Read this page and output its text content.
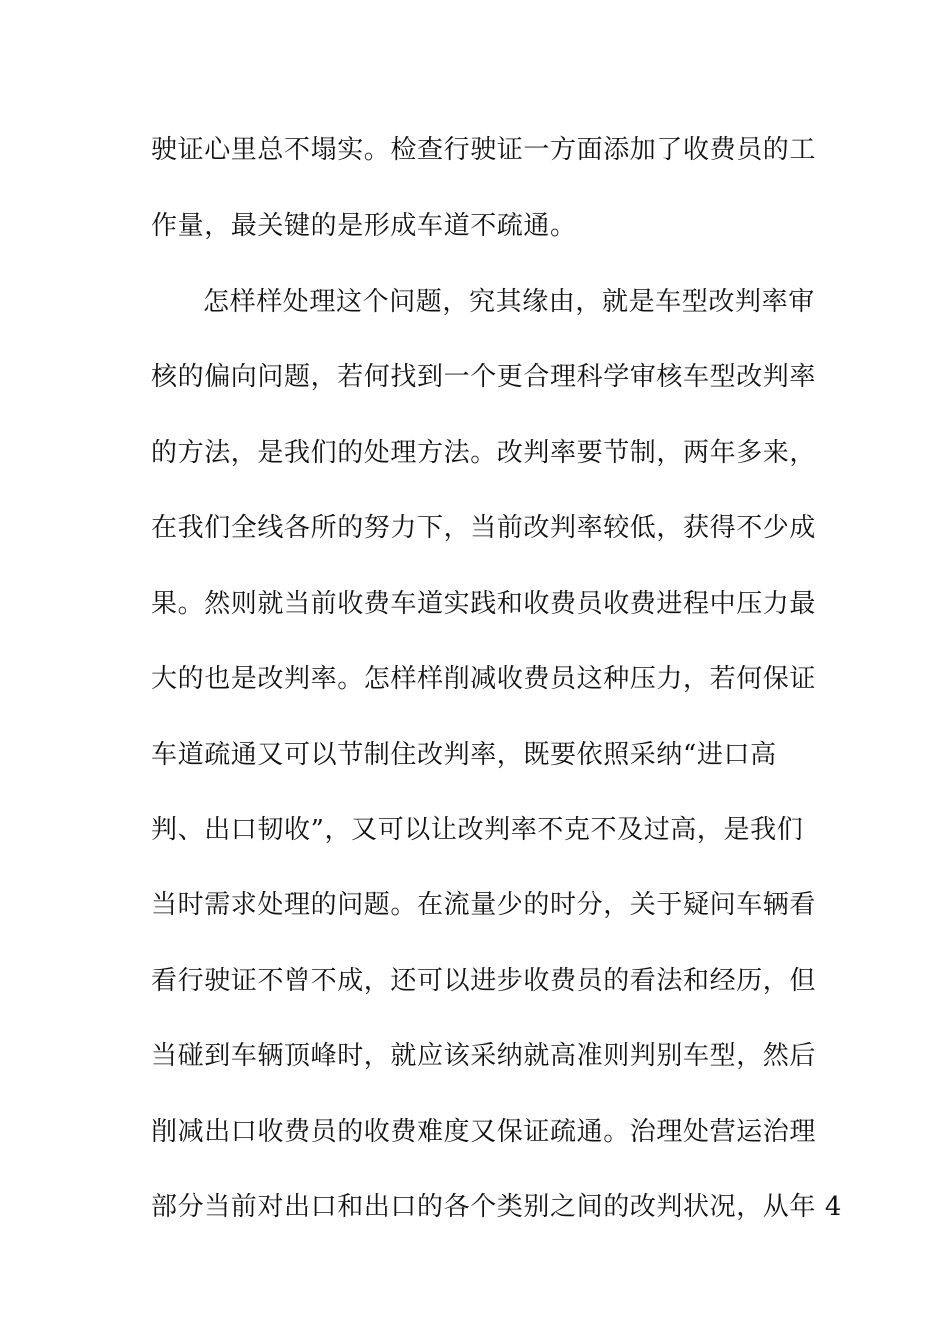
驶证心里总不塌实。检查行驶证一方面添加了收费员的工
作量，最关键的是形成车道不疏通。
怎样样处理这个问题，究其缘由，就是车型改判率审
核的偏向问题，若何找到一个更合理科学审核车型改判率
的方法，是我们的处理方法。改判率要节制，两年多来，
在我们全线各所的努力下，当前改判率较低，获得不少成
果。然则就当前收费车道实践和收费员收费进程中压力最
大的也是改判率。怎样样削减收费员这种压力，若何保证
车道疏通又可以节制住改判率，既要依照采纳“进口高
判、出口韧收”，又可以让改判率不克不及过高，是我们
当时需求处理的问题。在流量少的时分，关于疑问车辆看
看行驶证不曾不成，还可以进步收费员的看法和经历，但
当碰到车辆顶峰时，就应该采纳就高准则判别车型，然后
削减出口收费员的收费难度又保证疏通。治理处营运治理
部分当前对出口和出口的各个类别之间的改判状况，从年 4
